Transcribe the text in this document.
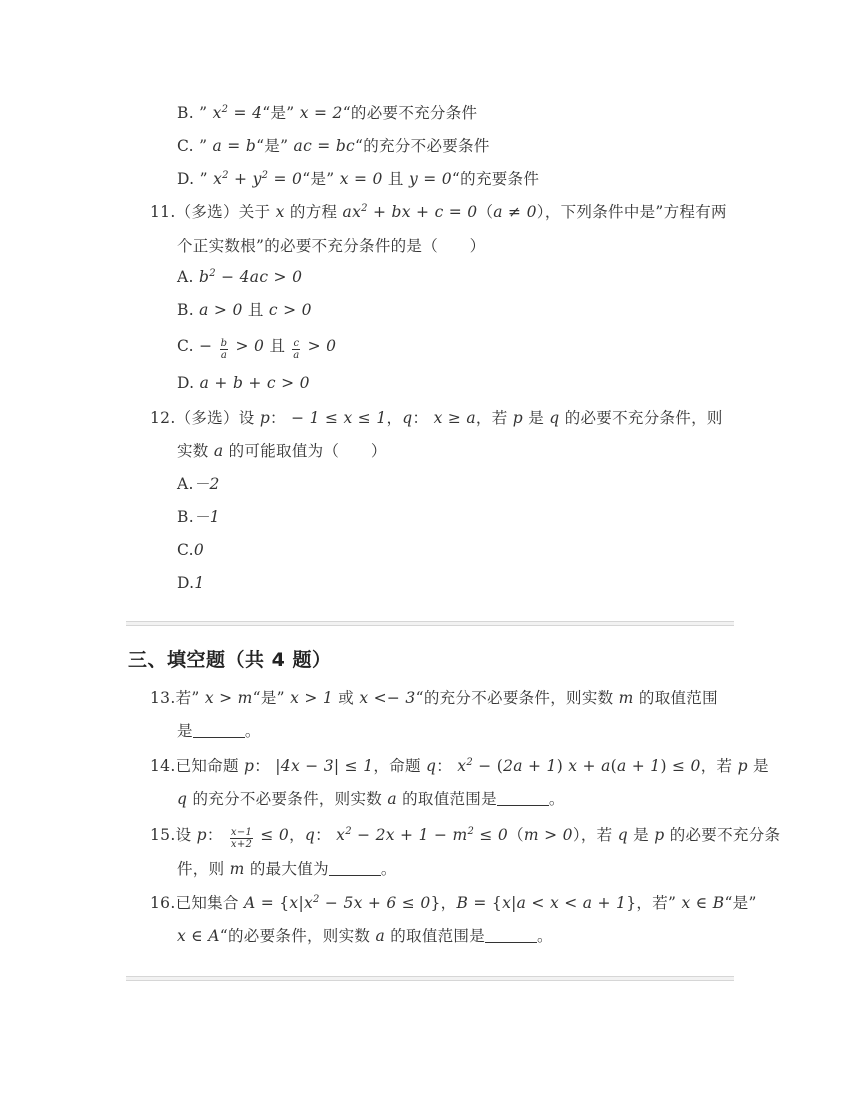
B. ” $x^2$ = 4“是” x = 2“的必要不充分条件
C. ” a = b“是” ac = bc“的充分不必要条件
D. ” $x^2 + y^2$ = 0“是” x = 0 且 y = 0“的充要条件
11.（多选）关于 x 的方程 $ax^2$ + bx + c = 0（a ≠ 0），下列条件中是”方程有两
个正实数根”的必要不充分条件的是（　　）
A. $b^2 - 4ac > 0$
B. a > 0 且 c > 0
C. − $\frac{b}{a} > 0$ 且 $\frac{c}{a} > 0$
D. a + b + c > 0
12.（多选）设 p： − 1 ≤ x ≤ 1，q： x ≥ a，若 p 是 q 的必要不充分条件，则
实数 a 的可能取值为（　　）
A.－2
B.－1
C.0
D.1
三、填空题（共 4 题）
13.若” x > m“是” x > 1 或 x <− 3“的充分不必要条件，则实数 m 的取值范围
是	。
14.已知命题 p： |4x − 3| ≤ 1，命题 q： $x^2 - (2a + 1) x + a(a + 1) \le 0$，若 p 是
q 的充分不必要条件，则实数 a 的取值范围是	。
15.设 p： $\frac{x-1}{x+2} \le 0$，q： $x^2 - 2x + 1 - m^2 \le 0(m > 0)$，若 q 是 p 的必要不充分条
件，则 m 的最大值为	。
16.已知集合 $A = \{x|x^2 - 5x + 6 \le 0\}$，B = {x|a < x < a + 1}，若” x ∈ B“是”
x ∈ A“的必要条件，则实数 a 的取值范围是	。
